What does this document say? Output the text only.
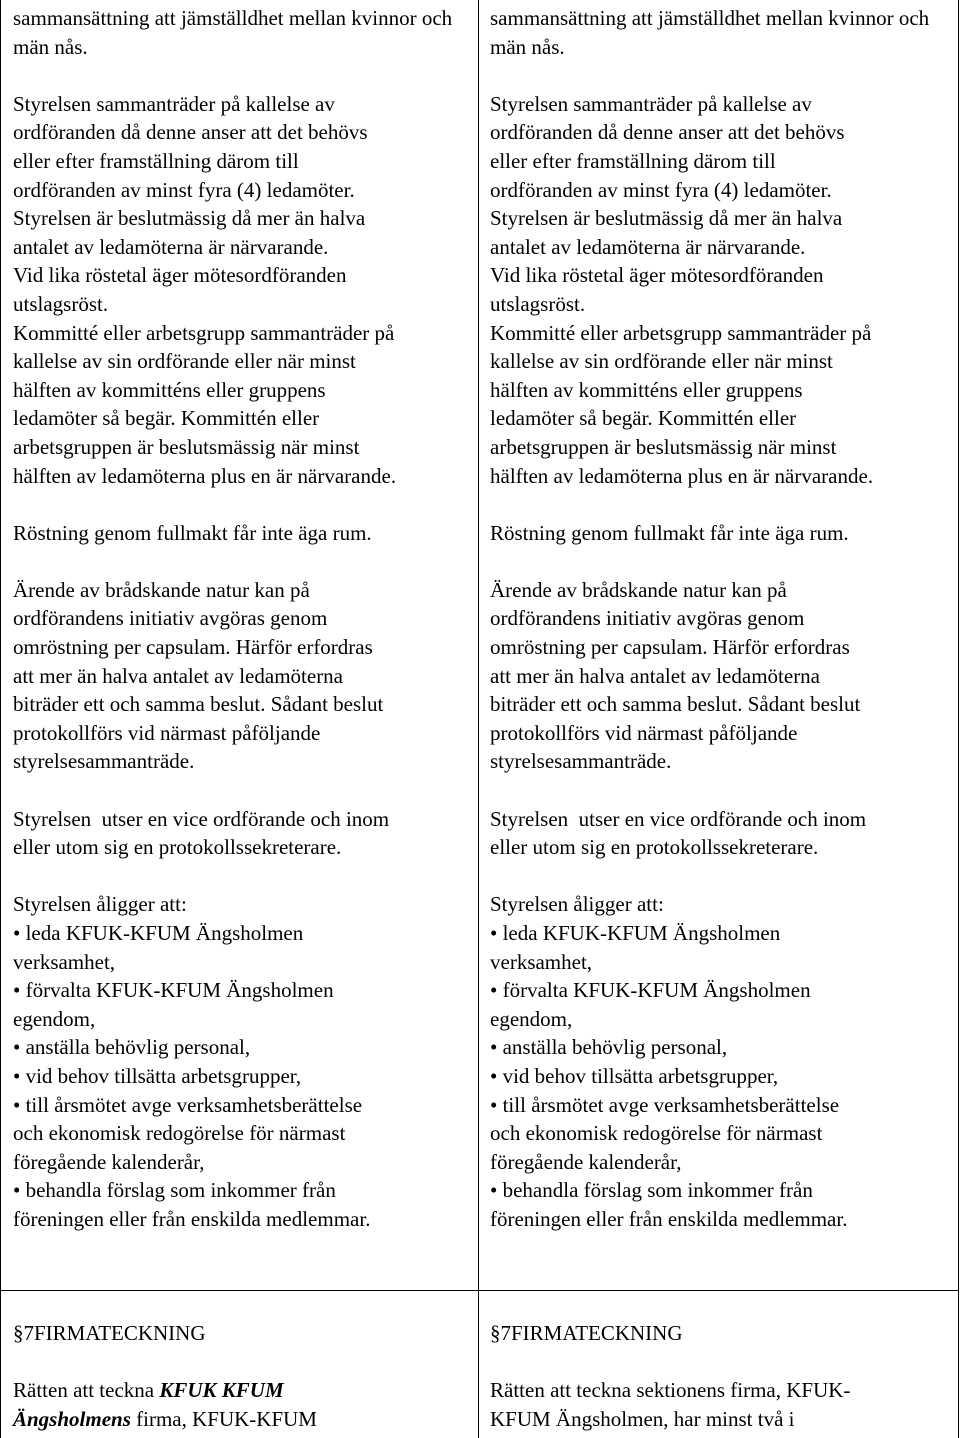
sammansättning att jämställdhet mellan kvinnor och män nås.

Styrelsen sammanträder på kallelse av
ordföranden då denne anser att det behövs
eller efter framställning därom till
ordföranden av minst fyra (4) ledamöter.
Styrelsen är beslutmässig då mer än halva
antalet av ledamöterna är närvarande.
Vid lika röstetal äger mötesordföranden
utslagsröst.
Kommitté eller arbetsgrupp sammanträder på
kallelse av sin ordförande eller när minst
hälften av kommitténs eller gruppens
ledamöter så begär. Kommittén eller
arbetsgruppen är beslutsmässig när minst
hälften av ledamöterna plus en är närvarande.

Röstning genom fullmakt får inte äga rum.

Ärende av brådskande natur kan på
ordförandens initiativ avgöras genom
omröstning per capsulam. Härför erfordras
att mer än halva antalet av ledamöterna
biträder ett och samma beslut. Sådant beslut
protokollförs vid närmast påföljande
styrelsesammanträde.

Styrelsen  utser en vice ordförande och inom
eller utom sig en protokollssekreterare.

Styrelsen åligger att:
• leda KFUK-KFUM Ängsholmen
verksamhet,
• förvalta KFUK-KFUM Ängsholmen
egendom,
• anställa behövlig personal,
• vid behov tillsätta arbetsgrupper,
• till årsmötet avge verksamhetsberättelse
och ekonomisk redogörelse för närmast
föregående kalenderår,
• behandla förslag som inkommer från
föreningen eller från enskilda medlemmar.

sammansättning att jämställdhet mellan kvinnor och män nås.

Styrelsen sammanträder på kallelse av
ordföranden då denne anser att det behövs
eller efter framställning därom till
ordföranden av minst fyra (4) ledamöter.
Styrelsen är beslutmässig då mer än halva
antalet av ledamöterna är närvarande.
Vid lika röstetal äger mötesordföranden
utslagsröst.
Kommitté eller arbetsgrupp sammanträder på
kallelse av sin ordförande eller när minst
hälften av kommitténs eller gruppens
ledamöter så begär. Kommittén eller
arbetsgruppen är beslutsmässig när minst
hälften av ledamöterna plus en är närvarande.

Röstning genom fullmakt får inte äga rum.

Ärende av brådskande natur kan på
ordförandens initiativ avgöras genom
omröstning per capsulam. Härför erfordras
att mer än halva antalet av ledamöterna
biträder ett och samma beslut. Sådant beslut
protokollförs vid närmast påföljande
styrelsesammanträde.

Styrelsen  utser en vice ordförande och inom
eller utom sig en protokollssekreterare.

Styrelsen åligger att:
• leda KFUK-KFUM Ängsholmen
verksamhet,
• förvalta KFUK-KFUM Ängsholmen
egendom,
• anställa behövlig personal,
• vid behov tillsätta arbetsgrupper,
• till årsmötet avge verksamhetsberättelse
och ekonomisk redogörelse för närmast
föregående kalenderår,
• behandla förslag som inkommer från
föreningen eller från enskilda medlemmar.

§7FIRMATECKNING

Rätten att teckna KFUK KFUM
Ängsholmens firma, KFUK-KFUM

§7FIRMATECKNING

Rätten att teckna sektionens firma, KFUK-
KFUM Ängsholmen, har minst två i
